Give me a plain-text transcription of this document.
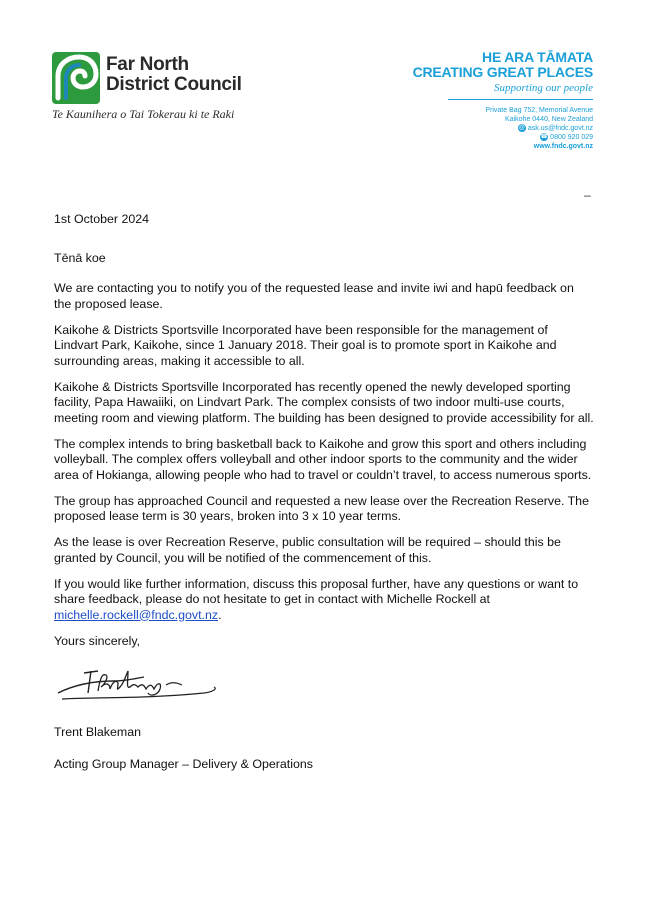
Far North
District Council
Te Kaunihera o Tai Tokerau ki te Raki
HE ARA TĀMATA
CREATING GREAT PLACES
Supporting our people
Private Bag 752, Memorial Avenue
Kaikohe 0440, New Zealand
@ ask.us@fndc.govt.nz
☎ 0800 920 029
www.fndc.govt.nz
–

1st October 2024

Tēnā koe

We are contacting you to notify you of the requested lease and invite iwi and hapū feedback on the proposed lease.

Kaikohe & Districts Sportsville Incorporated have been responsible for the management of Lindvart Park, Kaikohe, since 1 January 2018. Their goal is to promote sport in Kaikohe and surrounding areas, making it accessible to all.

Kaikohe & Districts Sportsville Incorporated has recently opened the newly developed sporting facility, Papa Hawaiiki, on Lindvart Park. The complex consists of two indoor multi-use courts, meeting room and viewing platform. The building has been designed to provide accessibility for all.

The complex intends to bring basketball back to Kaikohe and grow this sport and others including volleyball. The complex offers volleyball and other indoor sports to the community and the wider area of Hokianga, allowing people who had to travel or couldn’t travel, to access numerous sports.

The group has approached Council and requested a new lease over the Recreation Reserve. The proposed lease term is 30 years, broken into 3 x 10 year terms.

As the lease is over Recreation Reserve, public consultation will be required – should this be granted by Council, you will be notified of the commencement of this.

If you would like further information, discuss this proposal further, have any questions or want to share feedback, please do not hesitate to get in contact with Michelle Rockell at michelle.rockell@fndc.govt.nz.

Yours sincerely,

Trent Blakeman

Acting Group Manager – Delivery & Operations
